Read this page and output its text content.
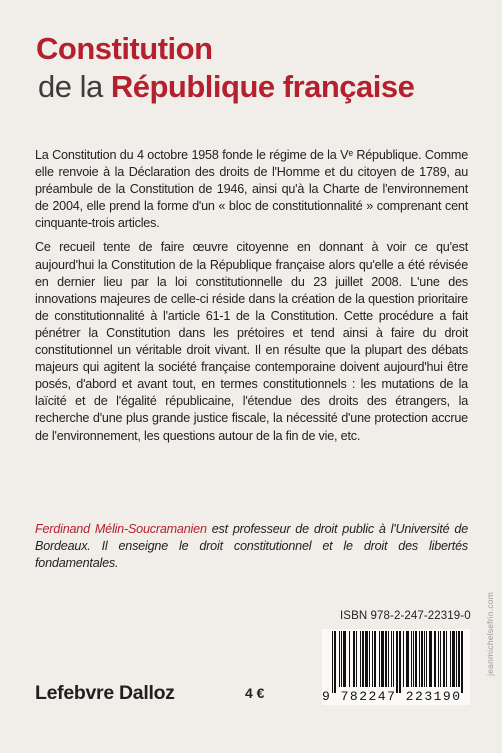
Constitution
de la République française

La Constitution du 4 octobre 1958 fonde le régime de la Vᵉ République. Comme elle renvoie à la Déclaration des droits de l'Homme et du citoyen de 1789, au préambule de la Constitution de 1946, ainsi qu'à la Charte de l'environnement de 2004, elle prend la forme d'un « bloc de constitutionnalité » comprenant cent cinquante-trois articles.

Ce recueil tente de faire œuvre citoyenne en donnant à voir ce qu'est aujourd'hui la Constitution de la République française alors qu'elle a été révisée en dernier lieu par la loi constitutionnelle du 23 juillet 2008. L'une des innovations majeures de celle-ci réside dans la création de la question prioritaire de constitutionnalité à l'article 61-1 de la Constitution. Cette procédure a fait pénétrer la Constitution dans les prétoires et tend ainsi à faire du droit constitutionnel un véritable droit vivant. Il en résulte que la plupart des débats majeurs qui agitent la société française contemporaine doivent aujourd'hui être posés, d'abord et avant tout, en termes constitutionnels : les mutations de la laïcité et de l'égalité républicaine, l'étendue des droits des étrangers, la recherche d'une plus grande justice fiscale, la nécessité d'une protection accrue de l'environnement, les questions autour de la fin de vie, etc.

Ferdinand Mélin-Soucramanien est professeur de droit public à l'Université de Bordeaux. Il enseigne le droit constitutionnel et le droit des libertés fondamentales.
ISBN 978-2-247-22319-0
9 782247 223190
Lefebvre Dalloz	4 €
jeanmichelsefrin.com
